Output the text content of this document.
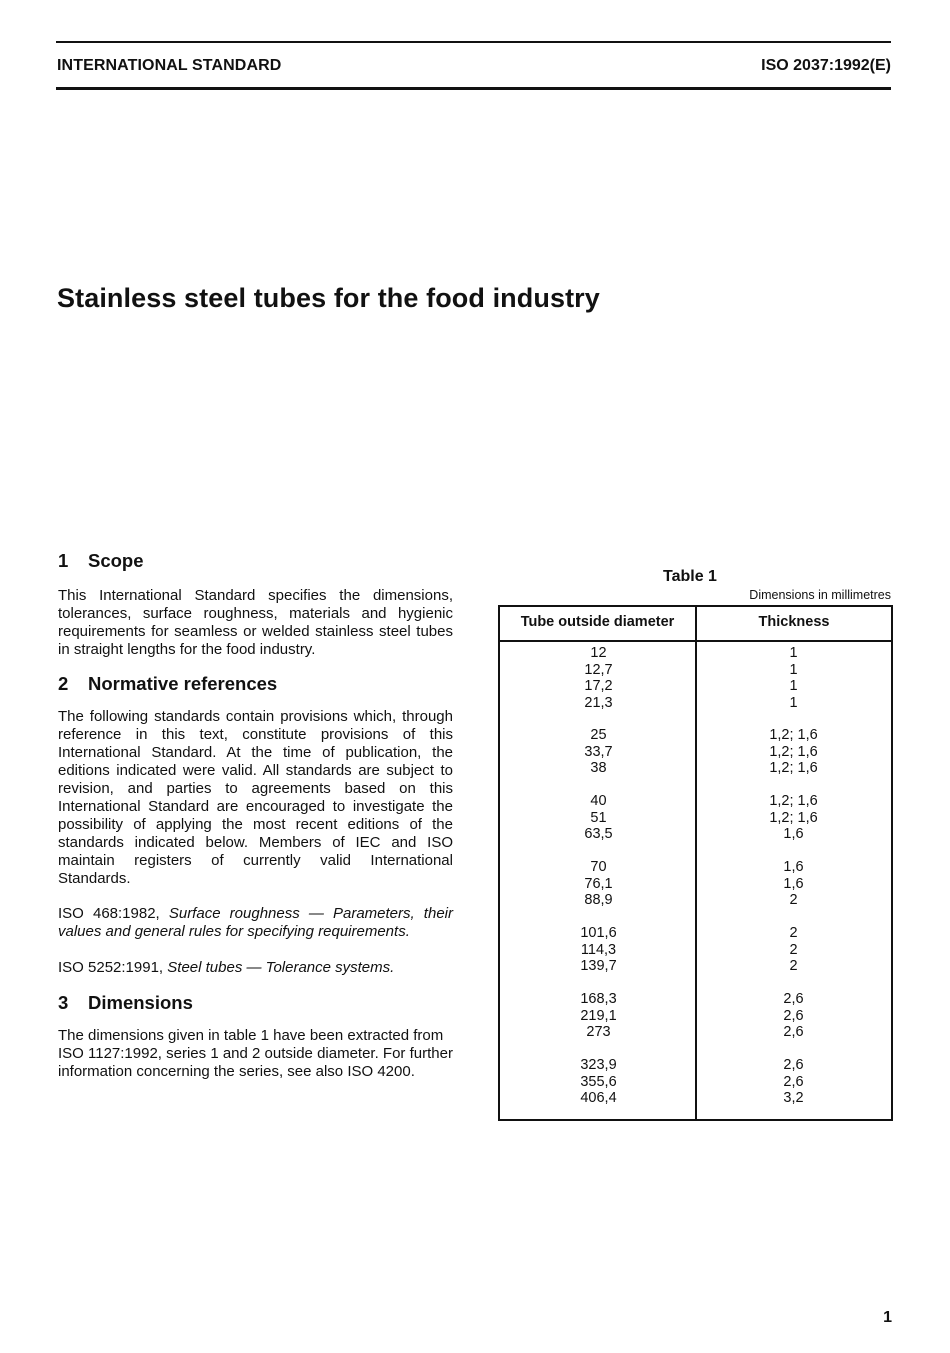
INTERNATIONAL STANDARD	ISO 2037:1992(E)
Stainless steel tubes for the food industry
1 Scope

This International Standard specifies the dimensions, tolerances, surface roughness, materials and hygienic requirements for seamless or welded stainless steel tubes in straight lengths for the food industry.

2 Normative references

The following standards contain provisions which, through reference in this text, constitute provisions of this International Standard. At the time of publication, the editions indicated were valid. All standards are subject to revision, and parties to agreements based on this International Standard are encouraged to investigate the possibility of applying the most recent editions of the standards indicated below. Members of IEC and ISO maintain registers of currently valid International Standards.

ISO 468:1982, Surface roughness — Parameters, their values and general rules for specifying requirements.

ISO 5252:1991, Steel tubes — Tolerance systems.

3 Dimensions

The dimensions given in table 1 have been extracted from ISO 1127:1992, series 1 and 2 outside diameter. For further information concerning the series, see also ISO 4200.

Table 1
Dimensions in millimetres
Tube outside diameter	Thickness
12	1
12,7	1
17,2	1
21,3	1
25	1,2; 1,6
33,7	1,2; 1,6
38	1,2; 1,6
40	1,2; 1,6
51	1,2; 1,6
63,5	1,6
70	1,6
76,1	1,6
88,9	2
101,6	2
114,3	2
139,7	2
168,3	2,6
219,1	2,6
273	2,6
323,9	2,6
355,6	2,6
406,4	3,2
1
